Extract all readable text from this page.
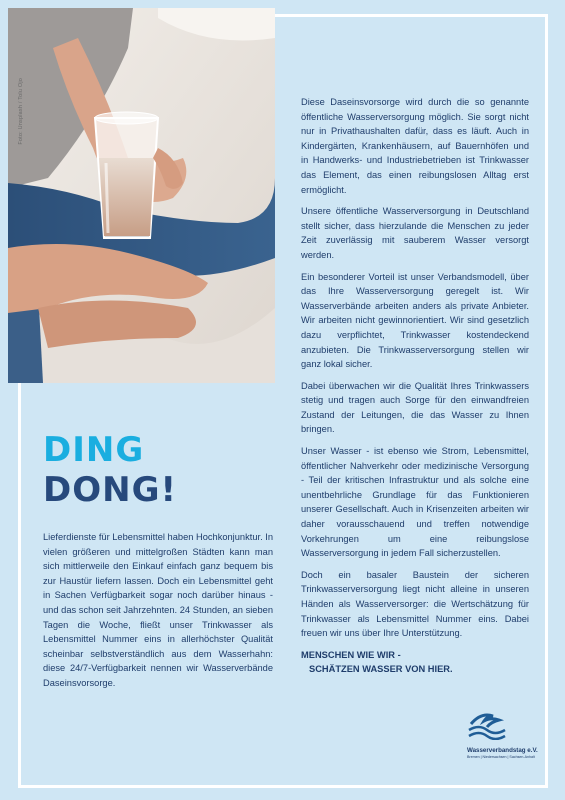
Foto: Unsplash / Tolu Ojo
DING DONG!

Lieferdienste für Lebensmittel haben Hochkonjunktur. In vielen größeren und mittelgroßen Städten kann man sich mittlerweile den Einkauf einfach ganz bequem bis zur Haustür liefern lassen. Doch ein Lebensmittel geht in Sachen Verfügbarkeit sogar noch darüber hinaus - und das schon seit Jahrzehnten. 24 Stunden, an sieben Tagen die Woche, fließt unser Trinkwasser als Lebensmittel Nummer eins in allerhöchster Qualität scheinbar selbstverständlich aus dem Wasserhahn: diese 24/7-Verfügbarkeit nennen wir Wasserverbände Daseinsvorsorge.

Diese Daseinsvorsorge wird durch die so genannte öffentliche Wasserversorgung möglich. Sie sorgt nicht nur in Privathaushalten dafür, dass es läuft. Auch in Kindergärten, Krankenhäusern, auf Bauernhöfen und in Handwerks- und Industriebetrieben ist Trinkwasser das Element, das einen reibungslosen Alltag erst ermöglicht.

Unsere öffentliche Wasserversorgung in Deutschland stellt sicher, dass hierzulande die Menschen zu jeder Zeit zuverlässig mit sauberem Wasser versorgt werden.

Ein besonderer Vorteil ist unser Verbandsmodell, über das Ihre Wasserversorgung geregelt ist. Wir Wasserverbände arbeiten anders als private Anbieter. Wir arbeiten nicht gewinnorientiert. Wir sind gesetzlich dazu verpflichtet, Trinkwasser kostendeckend anzubieten. Die Trinkwasserversorgung stellen wir ganz lokal sicher.

Dabei überwachen wir die Qualität Ihres Trinkwassers stetig und tragen auch Sorge für den einwandfreien Zustand der Leitungen, die das Wasser zu Ihnen bringen.

Unser Wasser - ist ebenso wie Strom, Lebensmittel, öffentlicher Nahverkehr oder medizinische Versorgung - Teil der kritischen Infrastruktur und als solche eine unentbehrliche Grundlage für das Funktionieren unserer Gesellschaft. Auch in Krisenzeiten arbeiten wir daher vorausschauend und treffen notwendige Vorkehrungen um eine reibungslose Wasserversorgung in jedem Fall sicherzustellen.

Doch ein basaler Baustein der sicheren Trinkwasserversorgung liegt nicht alleine in unseren Händen als Wasserversorger: die Wertschätzung für Trinkwasser als Lebensmittel Nummer eins. Dabei freuen wir uns über Ihre Unterstützung.

MENSCHEN WIE WIR -
SCHÄTZEN WASSER VON HIER.
Wasserverbandstag e.V.
Bremen | Niedersachsen | Sachsen-Anhalt
